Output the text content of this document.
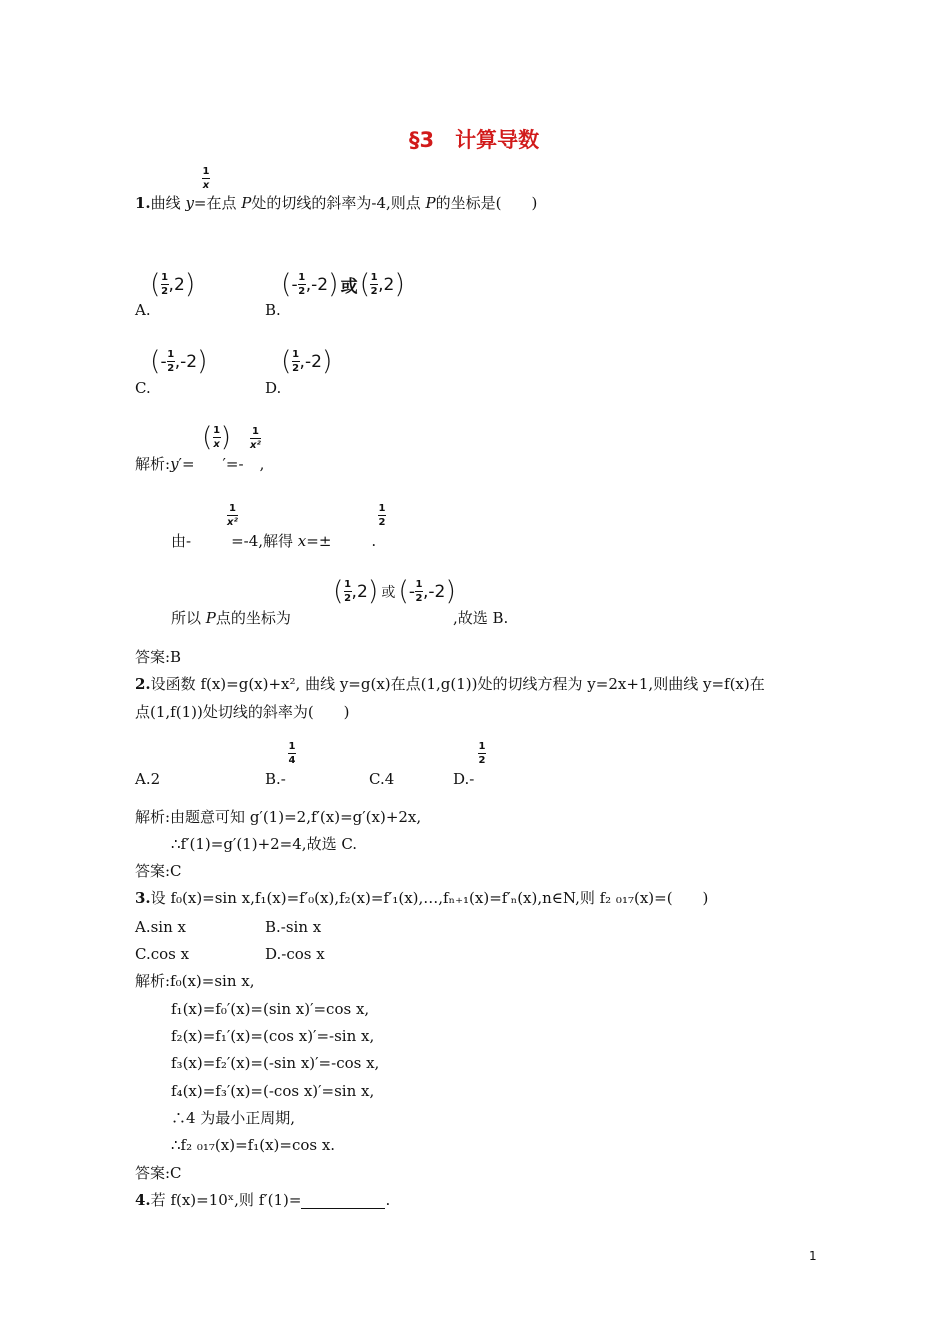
§3　计算导数
1.曲线 y=在点 P处的切线的斜率为-4,则点 P的坐标是(　　)
$\frac{1}{x}$
( $\frac{1}{2} ,2$ )
A.
( - $\frac{1}{2} ,-2$ ) 或 ( $\frac{1}{2} ,2$ )
B.
( - $\frac{1}{2} ,-2$ )
C.
( $\frac{1}{2} ,-2$ )
D.
解析:y′= ′=- ,
( $\frac{1}{x}$ ) $\frac{1}{\text{x²}}$
由-	=-4,解得 x=±	.
$\frac{1}{\text{x²}}$	$\frac{1}{2}$
所以 P点的坐标为
( $\frac{1}{2} ,2$ ) 或 ( - $\frac{1}{2} ,-2$ )
,故选 B.
答案:B
2.设函数 f(x)=g(x)+x², 曲线 y=g(x)在点(1,g(1))处的切线方程为 y=2x+1,则曲线 y=f(x)在
点(1,f(1))处切线的斜率为(　　)
A.2	B.-
$\frac{1}{4}$
C.4	D.-
$\frac{1}{2}$
解析:由题意可知 g′(1)=2,f′(x)=g′(x)+2x,
∴f′(1)=g′(1)+2=4,故选 C.
答案:C
3.设 f₀(x)=sin x,f₁(x)=f′₀(x),f₂(x)=f′₁(x),…,fₙ₊₁(x)=f′ₙ(x),n∈N,则 f₂ ₀₁₇(x)=(　　)
A.sin x	B.-sin x
C.cos x	D.-cos x
解析:f₀(x)=sin x,
f₁(x)=f₀′(x)=(sin x)′=cos x,
f₂(x)=f₁′(x)=(cos x)′=-sin x,
f₃(x)=f₂′(x)=(-sin x)′=-cos x,
f₄(x)=f₃′(x)=(-cos x)′=sin x,
∴4 为最小正周期,
∴f₂ ₀₁₇(x)=f₁(x)=cos x.
答案:C
4.若 f(x)=10ˣ,则 f′(1)=	.
1
